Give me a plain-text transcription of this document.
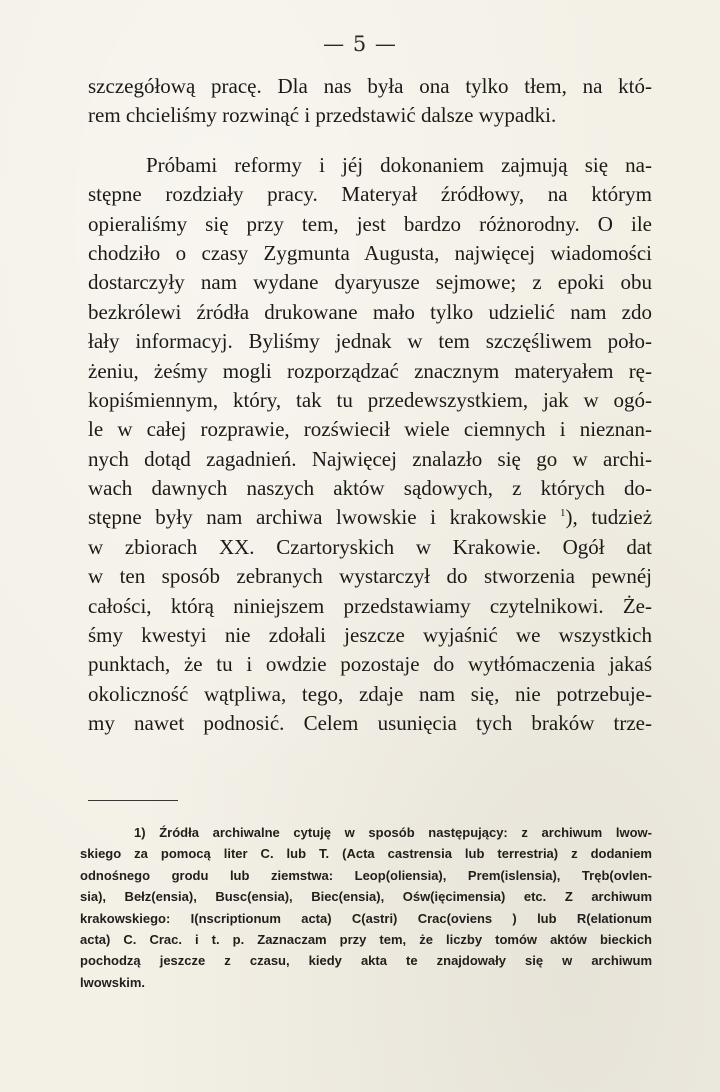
— 5 —
szczegółową pracę. Dla nas była ona tylko tłem, na któ-
rem chcieliśmy rozwinąć i przedstawić dalsze wypadki.
Próbami reformy i jéj dokonaniem zajmują się na-
stępne rozdziały pracy. Materyał źródłowy, na którym
opieraliśmy się przy tem, jest bardzo różnorodny. O ile
chodziło o czasy Zygmunta Augusta, najwięcej wiadomości
dostarczyły nam wydane dyaryusze sejmowe; z epoki obu
bezkrólewi źródła drukowane mało tylko udzielić nam zdo
łały informacyj. Byliśmy jednak w tem szczęśliwem poło-
żeniu, żeśmy mogli rozporządzać znacznym materyałem rę-
kopiśmiennym, który, tak tu przedewszystkiem, jak w ogó-
le w całej rozprawie, rozświecił wiele ciemnych i nieznan-
nych dotąd zagadnień. Najwięcej znalazło się go w archi-
wach dawnych naszych aktów sądowych, z których do-
stępne były nam archiwa lwowskie i krakowskie $^1$), tudzież
w zbiorach XX. Czartoryskich w Krakowie. Ogół dat
w ten sposób zebranych wystarczył do stworzenia pewnéj
całości, którą niniejszem przedstawiamy czytelnikowi. Że-
śmy kwestyi nie zdołali jeszcze wyjaśnić we wszystkich
punktach, że tu i owdzie pozostaje do wytłómaczenia jakaś
okoliczność wątpliwa, tego, zdaje nam się, nie potrzebuje-
my nawet podnosić. Celem usunięcia tych braków trze-
1) Źródła archiwalne cytuję w sposób następujący: z archiwum lwow-
skiego za pomocą liter C. lub T. (Acta castrensia lub terrestria) z dodaniem
odnośnego grodu lub ziemstwa: Leop(oliensia), Prem(islensia), Tręb(ovlen-
sia), Bełz(ensia), Busc(ensia), Biec(ensia), Ośw(ięcimensia) etc. Z archiwum
krakowskiego: I(nscriptionum acta) C(astri) Crac(oviens ) lub R(elationum
acta) C. Crac. i t. p. Zaznaczam przy tem, że liczby tomów aktów bieckich
pochodzą jeszcze z czasu, kiedy akta te znajdowały się w archiwum
lwowskim.
